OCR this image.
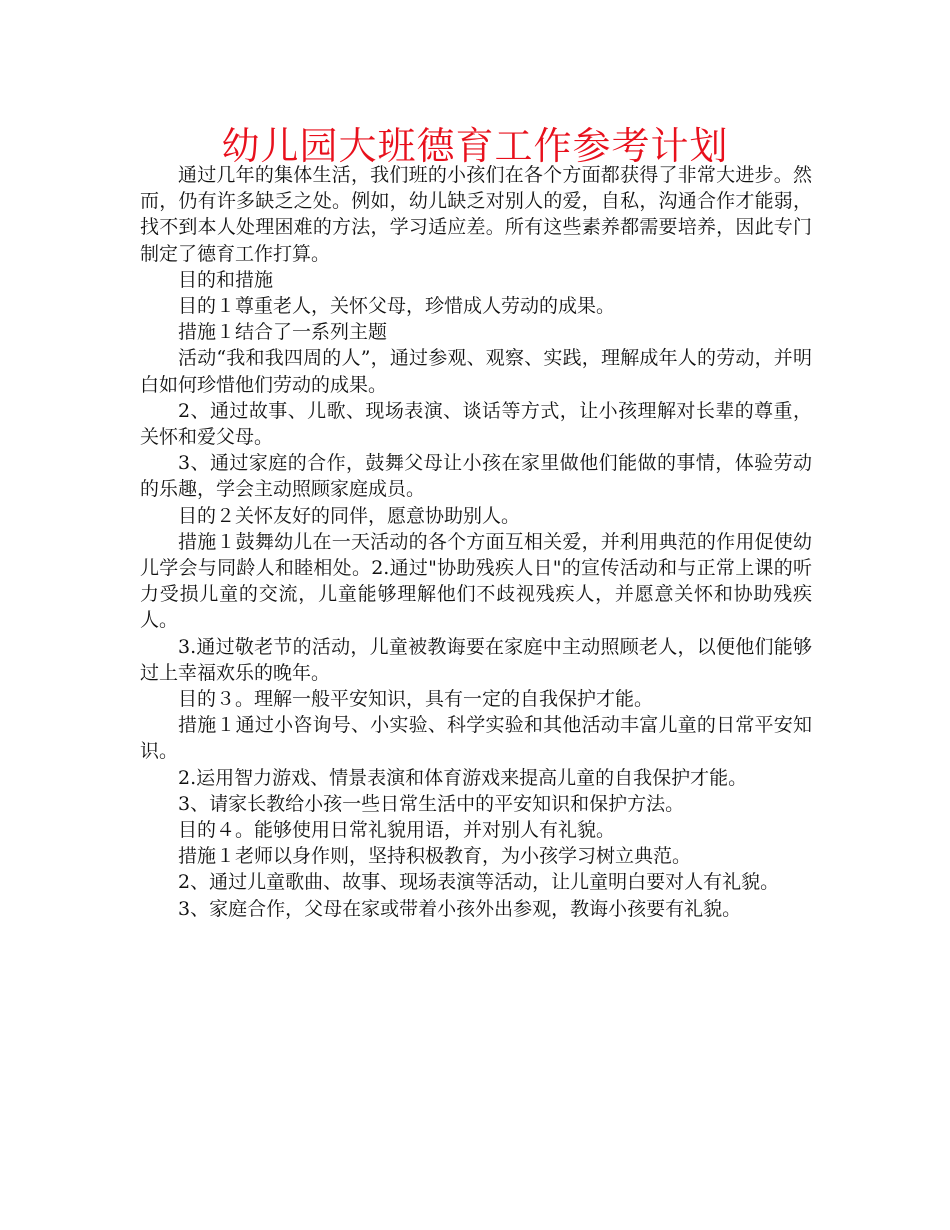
幼儿园大班德育工作参考计划

通过几年的集体生活，我们班的小孩们在各个方面都获得了非常大进步。然而，仍有许多缺乏之处。例如，幼儿缺乏对别人的爱，自私，沟通合作才能弱，找不到本人处理困难的方法，学习适应差。所有这些素养都需要培养，因此专门制定了德育工作打算。

目的和措施

目的１尊重老人，关怀父母，珍惜成人劳动的成果。

措施１结合了一系列主题

活动“我和我四周的人”，通过参观、观察、实践，理解成年人的劳动，并明白如何珍惜他们劳动的成果。

2、通过故事、儿歌、现场表演、谈话等方式，让小孩理解对长辈的尊重，关怀和爱父母。

3、通过家庭的合作，鼓舞父母让小孩在家里做他们能做的事情，体验劳动的乐趣，学会主动照顾家庭成员。

目的２关怀友好的同伴，愿意协助别人。

措施１鼓舞幼儿在一天活动的各个方面互相关爱，并利用典范的作用促使幼儿学会与同龄人和睦相处。2.通过"协助残疾人日"的宣传活动和与正常上课的听力受损儿童的交流，儿童能够理解他们不歧视残疾人，并愿意关怀和协助残疾人。

3.通过敬老节的活动，儿童被教诲要在家庭中主动照顾老人，以便他们能够过上幸福欢乐的晚年。

目的３。理解一般平安知识，具有一定的自我保护才能。

措施１通过小咨询号、小实验、科学实验和其他活动丰富儿童的日常平安知识。

2.运用智力游戏、情景表演和体育游戏来提高儿童的自我保护才能。

3、请家长教给小孩一些日常生活中的平安知识和保护方法。

目的４。能够使用日常礼貌用语，并对别人有礼貌。

措施１老师以身作则，坚持积极教育，为小孩学习树立典范。

2、通过儿童歌曲、故事、现场表演等活动，让儿童明白要对人有礼貌。

3、家庭合作，父母在家或带着小孩外出参观，教诲小孩要有礼貌。
